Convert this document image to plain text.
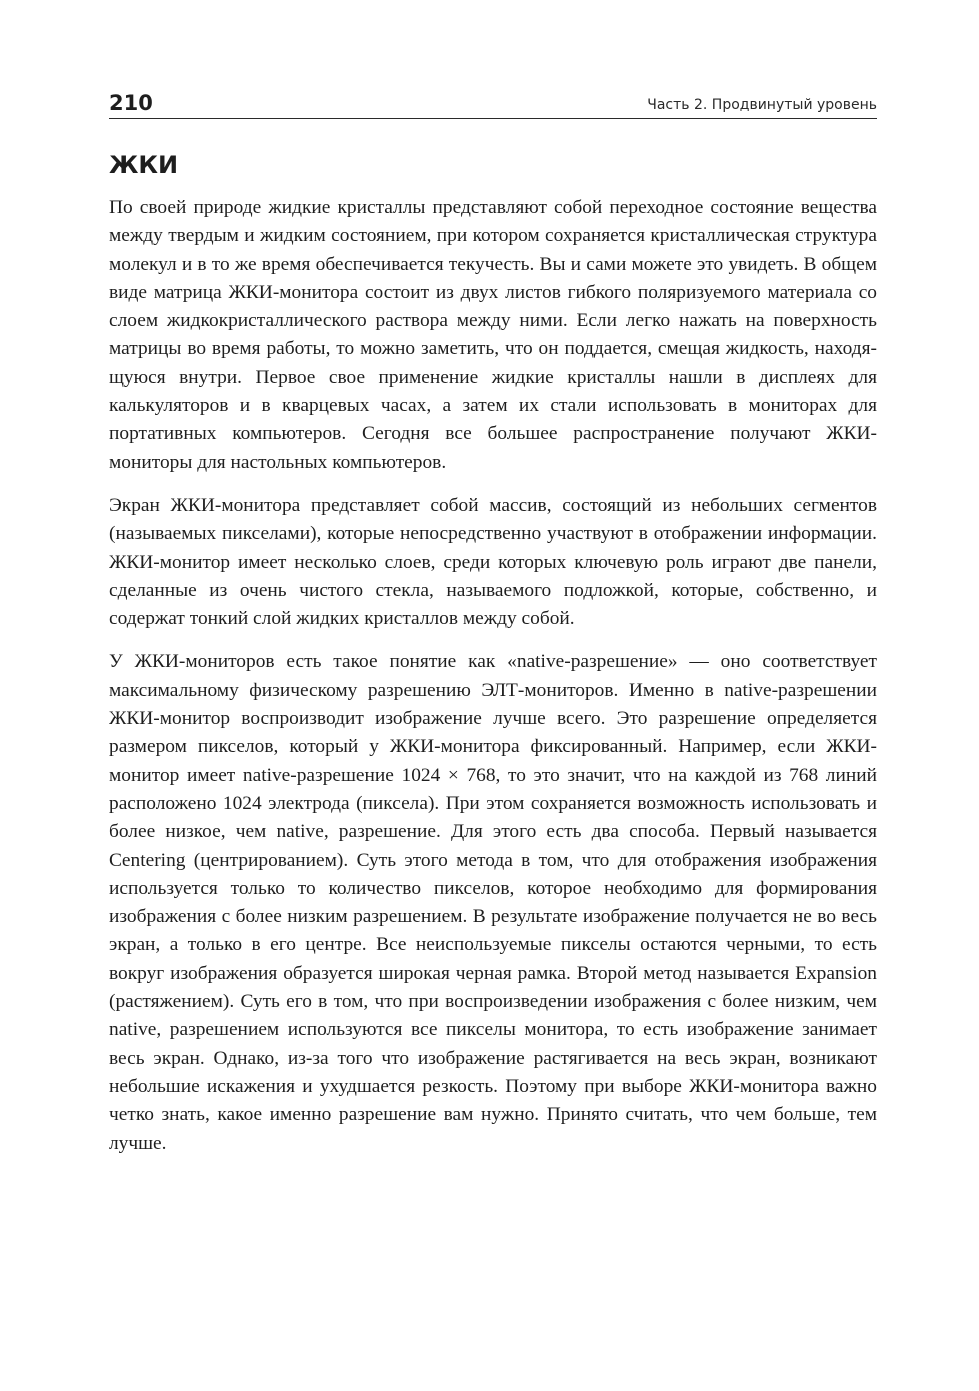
210	Часть 2. Продвинутый уровень
ЖКИ

По своей природе жидкие кристаллы представляют собой переходное состояние вещества между твердым и жидким состоянием, при котором сохраняется кристаллическая структура молекул и в то же время обеспечивается текучесть. Вы и сами можете это увидеть. В общем виде матрица ЖКИ-монитора состоит из двух листов гибкого поляризуемого материала со слоем жидкокристаллического раствора между ними. Если легко нажать на поверхность матрицы во время работы, то можно заметить, что он поддается, смещая жидкость, находящуюся внутри. Первое свое применение жидкие кристаллы нашли в дисплеях для калькуляторов и в кварцевых часах, а затем их стали использовать в мониторах для портативных компьютеров. Сегодня все большее распространение получают ЖКИ-мониторы для настольных компьютеров.

Экран ЖКИ-монитора представляет собой массив, состоящий из небольших сегментов (называемых пикселами), которые непосредственно участвуют в отображении информации. ЖКИ-монитор имеет несколько слоев, среди которых ключевую роль играют две панели, сделанные из очень чистого стекла, называемого подложкой, которые, собственно, и содержат тонкий слой жидких кристаллов между собой.

У ЖКИ-мониторов есть такое понятие как «native-разрешение» — оно соответствует максимальному физическому разрешению ЭЛТ-мониторов. Именно в native-разрешении ЖКИ-монитор воспроизводит изображение лучше всего. Это разрешение определяется размером пикселов, который у ЖКИ-монитора фиксированный. Например, если ЖКИ-монитор имеет native-разрешение 1024 × 768, то это значит, что на каждой из 768 линий расположено 1024 электрода (пиксела). При этом сохраняется возможность использовать и более низкое, чем native, разрешение. Для этого есть два способа. Первый называется Centering (центрированием). Суть этого метода в том, что для отображения изображения используется только то количество пикселов, которое необходимо для формирования изображения с более низким разрешением. В результате изображение получается не во весь экран, а только в его центре. Все неиспользуемые пикселы остаются черными, то есть вокруг изображения образуется широкая черная рамка. Второй метод называется Expansion (растяжением). Суть его в том, что при воспроизведении изображения с более низким, чем native, разрешением используются все пикселы монитора, то есть изображение занимает весь экран. Однако, из-за того что изображение растягивается на весь экран, возникают небольшие искажения и ухудшается резкость. Поэтому при выборе ЖКИ-монитора важно четко знать, какое именно разрешение вам нужно. Принято считать, что чем больше, тем лучше.
